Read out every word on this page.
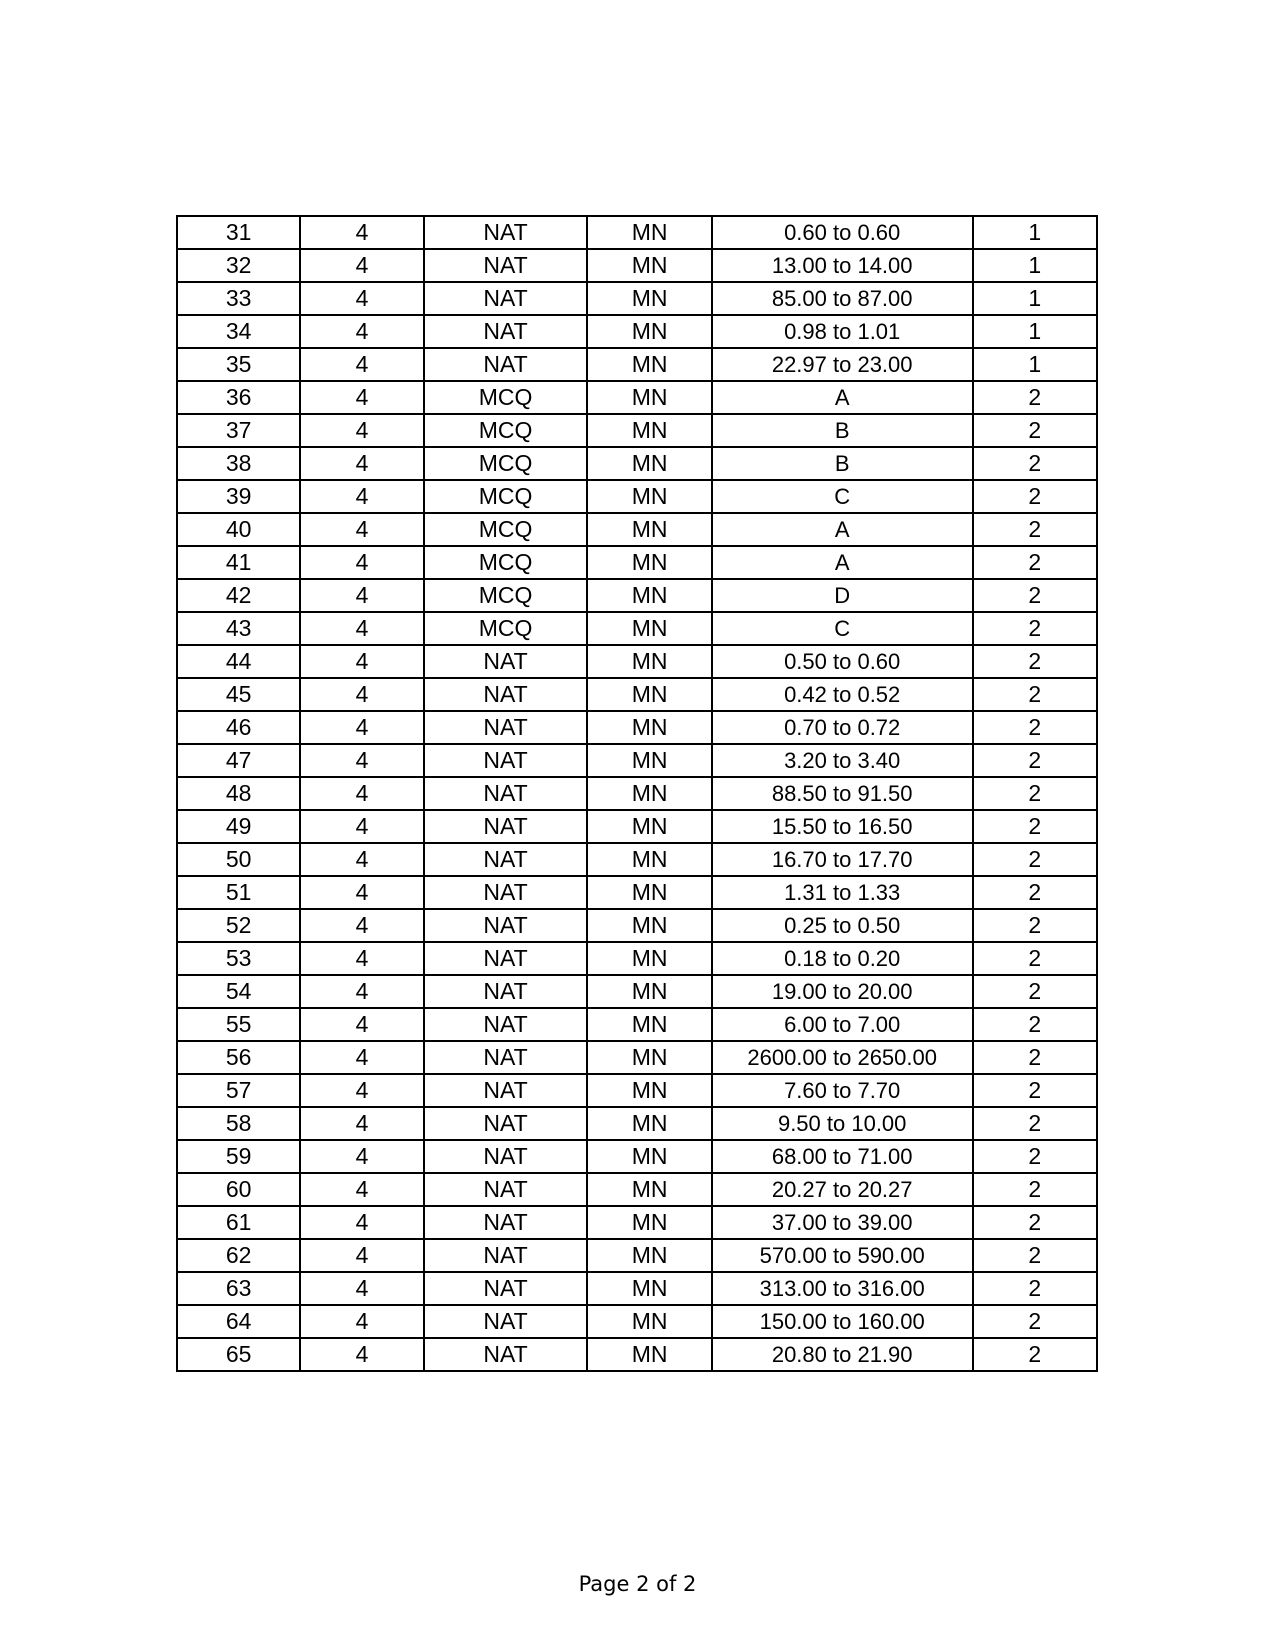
31	4	NAT	MN	0.60 to 0.60	1
32	4	NAT	MN	13.00 to 14.00	1
33	4	NAT	MN	85.00 to 87.00	1
34	4	NAT	MN	0.98 to 1.01	1
35	4	NAT	MN	22.97 to 23.00	1
36	4	MCQ	MN	A	2
37	4	MCQ	MN	B	2
38	4	MCQ	MN	B	2
39	4	MCQ	MN	C	2
40	4	MCQ	MN	A	2
41	4	MCQ	MN	A	2
42	4	MCQ	MN	D	2
43	4	MCQ	MN	C	2
44	4	NAT	MN	0.50 to 0.60	2
45	4	NAT	MN	0.42 to 0.52	2
46	4	NAT	MN	0.70 to 0.72	2
47	4	NAT	MN	3.20 to 3.40	2
48	4	NAT	MN	88.50 to 91.50	2
49	4	NAT	MN	15.50 to 16.50	2
50	4	NAT	MN	16.70 to 17.70	2
51	4	NAT	MN	1.31 to 1.33	2
52	4	NAT	MN	0.25 to 0.50	2
53	4	NAT	MN	0.18 to 0.20	2
54	4	NAT	MN	19.00 to 20.00	2
55	4	NAT	MN	6.00 to 7.00	2
56	4	NAT	MN	2600.00 to 2650.00	2
57	4	NAT	MN	7.60 to 7.70	2
58	4	NAT	MN	9.50 to 10.00	2
59	4	NAT	MN	68.00 to 71.00	2
60	4	NAT	MN	20.27 to 20.27	2
61	4	NAT	MN	37.00 to 39.00	2
62	4	NAT	MN	570.00 to 590.00	2
63	4	NAT	MN	313.00 to 316.00	2
64	4	NAT	MN	150.00 to 160.00	2
65	4	NAT	MN	20.80 to 21.90	2
Page 2 of 2
